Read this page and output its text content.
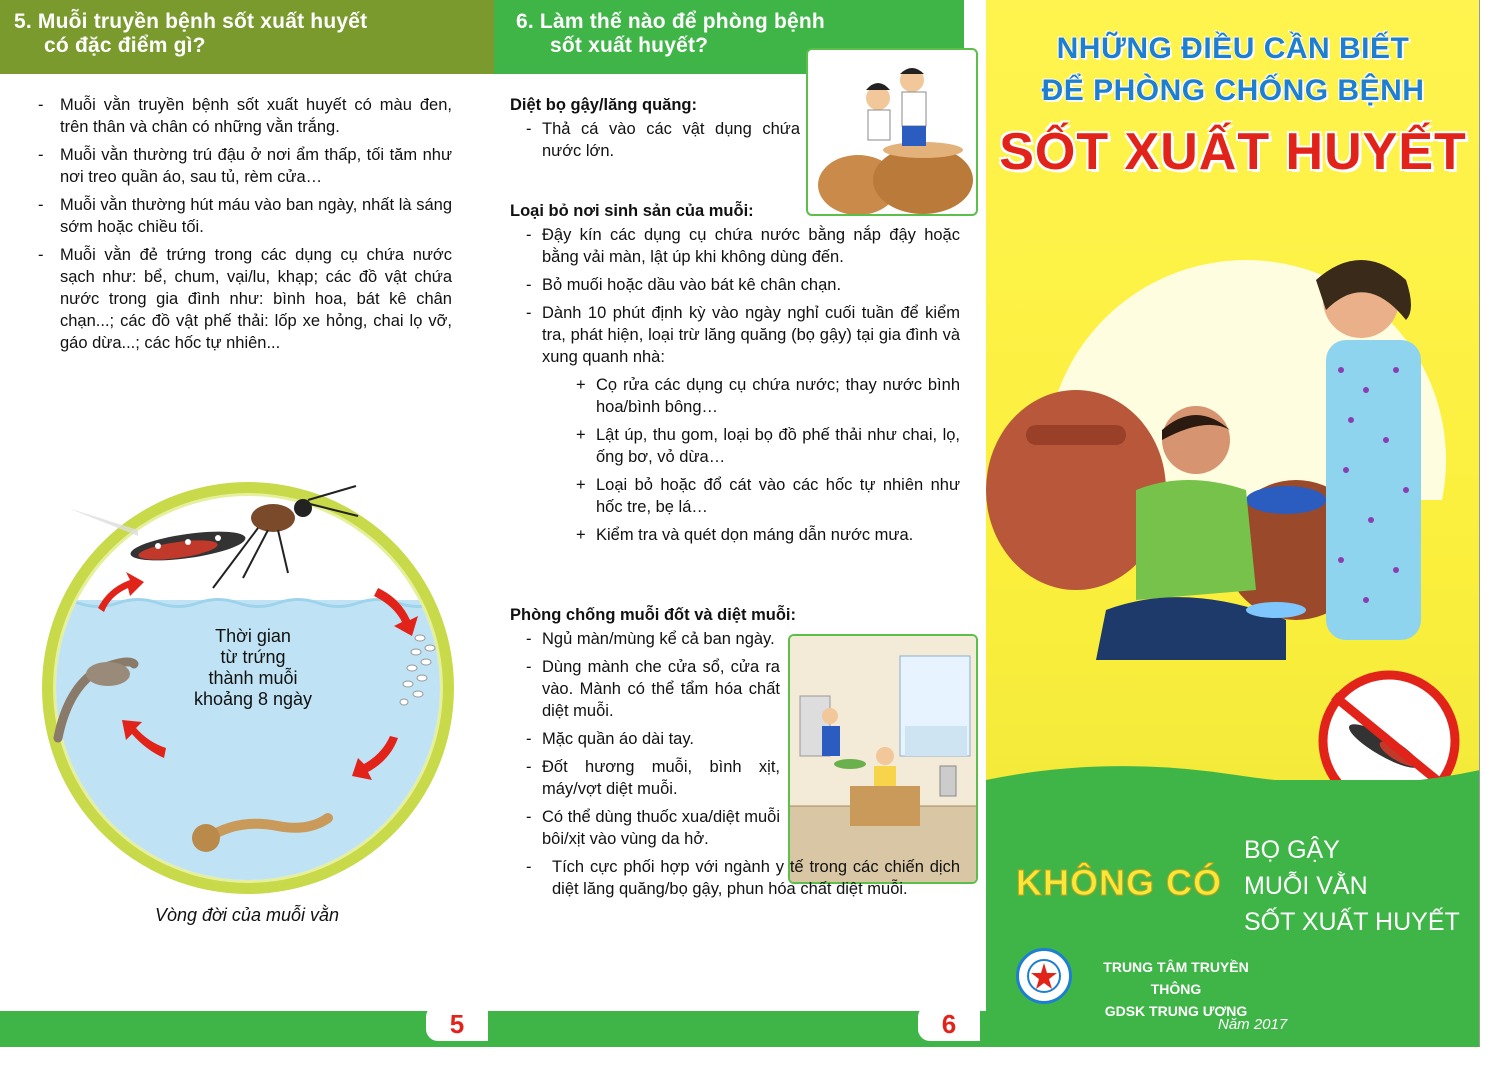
5. Muỗi truyền bệnh sốt xuất huyết
có đặc điểm gì?
- Muỗi vằn truyền bệnh sốt xuất huyết có màu đen, trên thân và chân có những vằn trắng.
- Muỗi vằn thường trú đậu ở nơi ẩm thấp, tối tăm như nơi treo quần áo, sau tủ, rèm cửa…
- Muỗi vằn thường hút máu vào ban ngày, nhất là sáng sớm hoặc chiều tối.
- Muỗi vằn đẻ trứng trong các dụng cụ chứa nước sạch như: bể, chum, vại/lu, khạp; các đồ vật chứa nước trong gia đình như: bình hoa, bát kê chân chạn...; các đồ vật phế thải: lốp xe hỏng, chai lọ vỡ, gáo dừa...; các hốc tự nhiên...
Thời gian
từ trứng
thành muỗi
khoảng 8 ngày
Vòng đời của muỗi vằn
5
6. Làm thế nào để phòng bệnh
sốt xuất huyết?
Diệt bọ gậy/lăng quăng:
- Thả cá vào các vật dụng chứa nước lớn.
Loại bỏ nơi sinh sản của muỗi:
- Đậy kín các dụng cụ chứa nước bằng nắp đậy hoặc bằng vải màn, lật úp khi không dùng đến.
- Bỏ muối hoặc dầu vào bát kê chân chạn.
- Dành 10 phút định kỳ vào ngày nghỉ cuối tuần để kiểm tra, phát hiện, loại trừ lăng quăng (bọ gậy) tại gia đình và xung quanh nhà:
+ Cọ rửa các dụng cụ chứa nước; thay nước bình hoa/bình bông…
+ Lật úp, thu gom, loại bọ đồ phế thải như chai, lọ, ống bơ, vỏ dừa…
+ Loại bỏ hoặc đổ cát vào các hốc tự nhiên như hốc tre, bẹ lá…
+ Kiểm tra và quét dọn máng dẫn nước mưa.
Phòng chống muỗi đốt và diệt muỗi:
- Ngủ màn/mùng kể cả ban ngày.
- Dùng mành che cửa sổ, cửa ra vào. Mành có thể tẩm hóa chất diệt muỗi.
- Mặc quần áo dài tay.
- Đốt hương muỗi, bình xịt, máy/vợt diệt muỗi.
- Có thể dùng thuốc xua/diệt muỗi bôi/xịt vào vùng da hở.
- Tích cực phối hợp với ngành y tế trong các chiến dịch diệt lăng quăng/bọ gậy, phun hóa chất diệt muỗi.
6
NHỮNG ĐIỀU CẦN BIẾT
ĐỂ PHÒNG CHỐNG BỆNH
SỐT XUẤT HUYẾT
KHÔNG CÓ
BỌ GẬY
MUỖI VẰN
SỐT XUẤT HUYẾT
TRUNG TÂM TRUYỀN THÔNG
GDSK TRUNG ƯƠNG
Năm 2017
